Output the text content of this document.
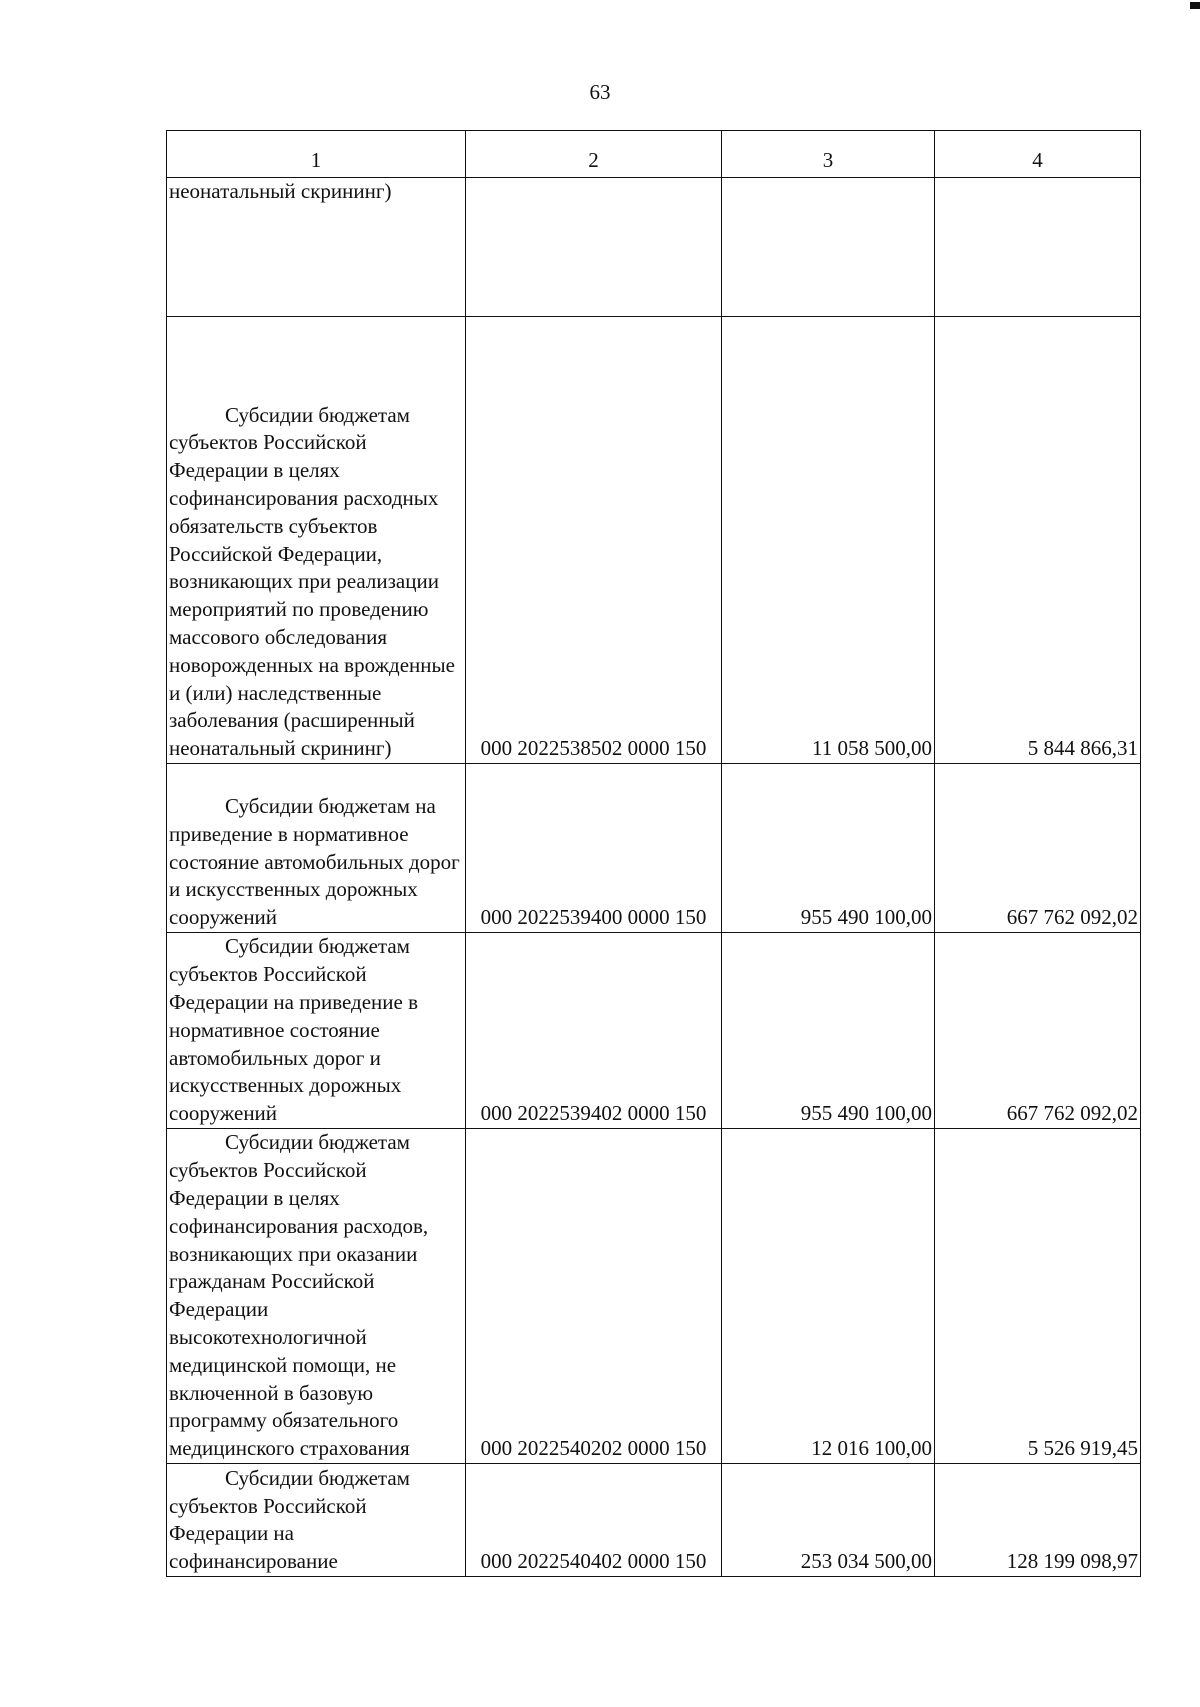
63
1	2	3	4
неонатальный скрининг)			

Субсидии бюджетам субъектов Российской Федерации в целях софинансирования расходных обязательств субъектов Российской Федерации, возникающих при реализации мероприятий по проведению массового обследования новорожденных на врожденные и (или) наследственные заболевания (расширенный неонатальный скрининг)	000 2022538502 0000 150	11 058 500,00	5 844 866,31

Субсидии бюджетам на приведение в нормативное состояние автомобильных дорог и искусственных дорожных сооружений	000 2022539400 0000 150	955 490 100,00	667 762 092,02

Субсидии бюджетам субъектов Российской Федерации на приведение в нормативное состояние автомобильных дорог и искусственных дорожных сооружений	000 2022539402 0000 150	955 490 100,00	667 762 092,02

Субсидии бюджетам субъектов Российской Федерации в целях софинансирования расходов, возникающих при оказании гражданам Российской Федерации высокотехнологичной медицинской помощи, не включенной в базовую программу обязательного медицинского страхования	000 2022540202 0000 150	12 016 100,00	5 526 919,45

Субсидии бюджетам субъектов Российской Федерации на софинансирование	000 2022540402 0000 150	253 034 500,00	128 199 098,97
